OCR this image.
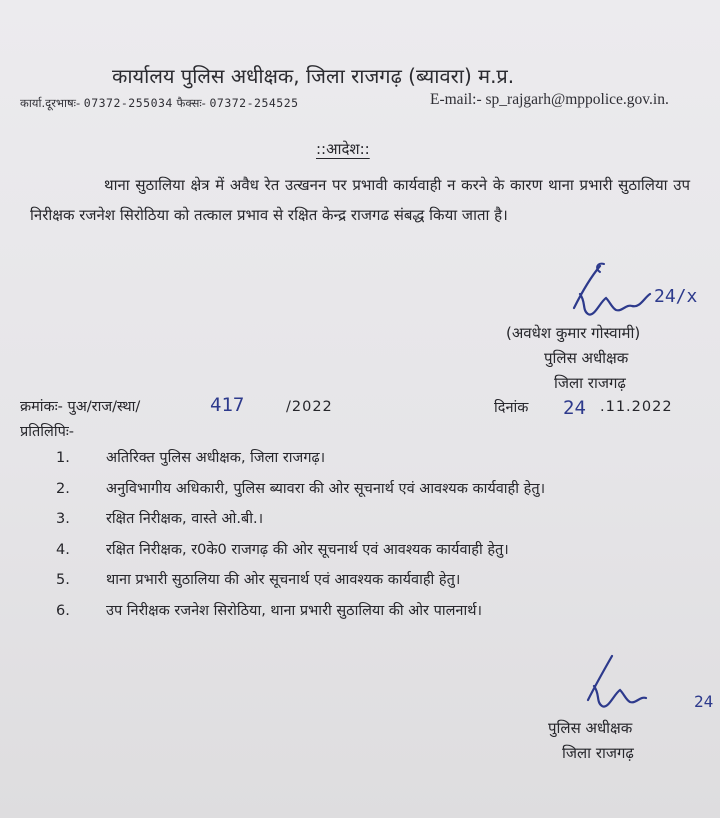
कार्यालय पुलिस अधीक्षक, जिला राजगढ़ (ब्यावरा) म.प्र.
कार्या.दूरभाषः- 07372-255034 फैक्सः- 07372-254525	E-mail:- sp_rajgarh@mppolice.gov.in.
::आदेश::
थाना सुठालिया क्षेत्र में अवैध रेत उत्खनन पर प्रभावी कार्यवाही न करने के कारण थाना प्रभारी सुठालिया उप निरीक्षक रजनेश सिरोठिया को तत्काल प्रभाव से रक्षित केन्द्र राजगढ संबद्ध किया जाता है।
24/x
(अवधेश कुमार गोस्वामी)
पुलिस अधीक्षक
जिला राजगढ़
क्रमांकः- पुअ/राज/स्था/	417	/2022	दिनांक 24 .11.2022
प्रतिलिपिः-
1.	अतिरिक्त पुलिस अधीक्षक, जिला राजगढ़।
2.	अनुविभागीय अधिकारी, पुलिस ब्यावरा की ओर सूचनार्थ एवं आवश्यक कार्यवाही हेतु।
3.	रक्षित निरीक्षक, वास्ते ओ.बी.।
4.	रक्षित निरीक्षक, र0के0 राजगढ़ की ओर सूचनार्थ एवं आवश्यक कार्यवाही हेतु।
5.	थाना प्रभारी सुठालिया की ओर सूचनार्थ एवं आवश्यक कार्यवाही हेतु।
6.	उप निरीक्षक रजनेश सिरोठिया, थाना प्रभारी सुठालिया की ओर पालनार्थ।
24
पुलिस अधीक्षक
जिला राजगढ़
